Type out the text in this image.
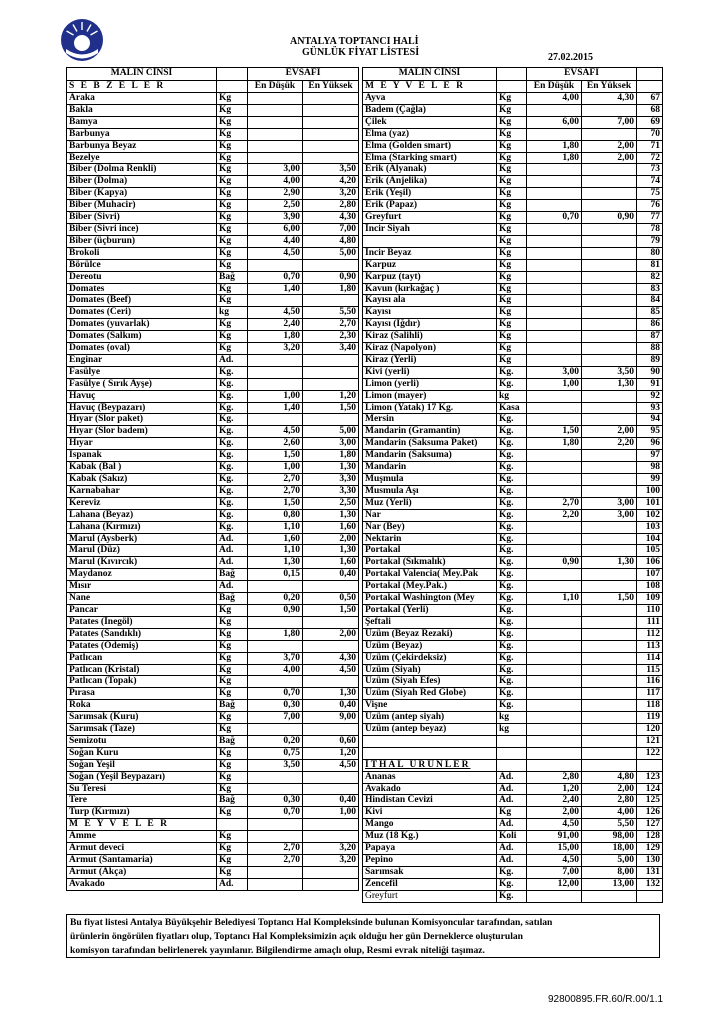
ANTALYA TOPTANCI HALİ
GÜNLÜK FİYAT LİSTESİ	27.02.2015
MALIN CİNSİ		EVSAFI	
S E B Z E L E R		En Düşük	En Yüksek
Araka	Kg		
Bakla	Kg		
Bamya	Kg		
Barbunya	Kg		
Barbunya Beyaz	Kg		
Bezelye	Kg		
Biber (Dolma Renkli)	Kg	3,00	3,50
Biber (Dolma)	Kg	4,00	4,20
Biber (Kapya)	Kg	2,90	3,20
Biber (Muhacir)	Kg	2,50	2,80
Biber (Sivri)	Kg	3,90	4,30
Biber (Sivri ince)	Kg	6,00	7,00
Biber (üçburun)	Kg	4,40	4,80
Brokoli	Kg	4,50	5,00
Börülce	Kg		
Dereotu	Bağ	0,70	0,90
Domates	Kg	1,40	1,80
Domates (Beef)	Kg		
Domates (Ceri)	kg	4,50	5,50
Domates (yuvarlak)	Kg	2,40	2,70
Domates (Salkım)	Kg	1,80	2,30
Domates (oval)	Kg	3,20	3,40
Enginar	Ad.		
Fasülye	Kg.		
Fasülye ( Sırık Ayşe)	Kg.		
Havuç	Kg.	1,00	1,20
Havuç (Beypazarı)	Kg.	1,40	1,50
Hıyar (Slor paket)	Kg.		
Hıyar (Slor badem)	Kg.	4,50	5,00
Hıyar	Kg.	2,60	3,00
Ispanak	Kg.	1,50	1,80
Kabak (Bal )	Kg.	1,00	1,30
Kabak (Sakız)	Kg.	2,70	3,30
Karnabahar	Kg.	2,70	3,30
Kereviz	Kg.	1,50	2,50
Lahana (Beyaz)	Kg.	0,80	1,30
Lahana (Kırmızı)	Kg.	1,10	1,60
Marul (Aysberk)	Ad.	1,60	2,00
Marul (Düz)	Ad.	1,10	1,30
Marul (Kıvırcık)	Ad.	1,30	1,60
Maydanoz	Bağ	0,15	0,40
Mısır	Ad.		
Nane	Bağ	0,20	0,50
Pancar	Kg	0,90	1,50
Patates (İnegöl)	Kg		
Patates (Sandıklı)	Kg	1,80	2,00
Patates (Ödemiş)	Kg		
Patlıcan	Kg	3,70	4,30
Patlıcan (Kristal)	Kg	4,00	4,50
Patlıcan (Topak)	Kg		
Pırasa	Kg	0,70	1,30
Roka	Bağ	0,30	0,40
Sarımsak (Kuru)	Kg	7,00	9,00
Sarımsak (Taze)	Kg		
Semizotu	Bağ	0,20	0,60
Soğan Kuru	Kg	0,75	1,20
Soğan Yeşil	Kg	3,50	4,50
Soğan (Yeşil Beypazarı)	Kg		
Su Teresi	Kg		
Tere	Bağ	0,30	0,40
Turp (Kırmızı)	Kg	0,70	1,00
M E Y V E L E R			
Amme	Kg		
Armut deveci	Kg	2,70	3,20
Armut (Santamaria)	Kg	2,70	3,20
Armut (Akça)	Kg		
Avakado	Ad.		
MALIN CİNSİ		EVSAFI		
M E Y V E L E R		En Düşük	En Yüksek	
Ayva	Kg	4,00	4,30	67
Badem (Çağla)	Kg			68
Çilek	Kg	6,00	7,00	69
Elma (yaz)	Kg			70
Elma (Golden smart)	Kg	1,80	2,00	71
Elma (Starking smart)	Kg	1,80	2,00	72
Erik (Alyanak)	Kg			73
Erik (Anjelika)	Kg			74
Erik (Yeşil)	Kg			75
Erik (Papaz)	Kg			76
Greyfurt	Kg	0,70	0,90	77
İncir Siyah	Kg			78
	Kg			79
İncir Beyaz	Kg			80
Karpuz	Kg			81
Karpuz (tayt)	Kg			82
Kavun (kırkağaç )	Kg			83
Kayısı ala	Kg			84
Kayısı	Kg			85
Kayısı (Iğdır)	Kg			86
Kiraz (Salihli)	Kg			87
Kiraz (Napolyon)	Kg			88
Kiraz (Yerli)	Kg			89
Kivi (yerli)	Kg.	3,00	3,50	90
Limon (yerli)	Kg.	1,00	1,30	91
Limon (mayer)	kg			92
Limon (Yatak) 17 Kg.	Kasa			93
Mersin	Kg.			94
Mandarin (Gramantin)	Kg.	1,50	2,00	95
Mandarin (Saksuma Paket)	Kg.	1,80	2,20	96
Mandarin (Saksuma)	Kg.			97
Mandarin	Kg.			98
Muşmula	Kg.			99
Musmula Aşı	Kg.			100
Muz (Yerli)	Kg.	2,70	3,00	101
Nar	Kg.	2,20	3,00	102
Nar (Bey)	Kg.			103
Nektarin	Kg.			104
Portakal	Kg.			105
Portakal (Sıkmalık)	Kg.	0,90	1,30	106
Portakal Valencia( Mey.Pak	Kg.			107
Portakal (Mey.Pak.)	Kg.			108
Portakal Washington (Mey	Kg.	1,10	1,50	109
Portakal (Yerli)	Kg.			110
Şeftali	Kg.			111
Üzüm (Beyaz Rezaki)	Kg.			112
Üzüm (Beyaz)	Kg.			113
Üzüm (Çekirdeksiz)	Kg.			114
Üzüm (Siyah)	Kg.			115
Üzüm (Siyah Efes)	Kg.			116
Üzüm (Siyah Red Globe)	Kg.			117
Vişne	Kg.			118
Üzüm (antep siyah)	kg			119
Üzüm (antep beyaz)	kg			120
				121
				122
İTHAL ÜRÜNLER				
Ananas	Ad.	2,80	4,80	123
Avakado	Ad.	1,20	2,00	124
Hindistan Cevizi	Ad.	2,40	2,80	125
Kivi	Kg	2,00	4,00	126
Mango	Ad.	4,50	5,50	127
Muz (18 Kg.)	Koli	91,00	98,00	128
Papaya	Ad.	15,00	18,00	129
Pepino	Ad.	4,50	5,00	130
Sarımsak	Kg.	7,00	8,00	131
Zencefil	Kg.	12,00	13,00	132
Greyfurt	Kg.			
Bu fiyat listesi Antalya Büyükşehir Belediyesi Toptancı Hal Kompleksinde bulunan Komisyoncular tarafından, satılan
ürünlerin öngörülen fiyatları olup, Toptancı Hal Kompleksimizin açık olduğu her gün Derneklerce oluşturulan
komisyon tarafından belirlenerek yayınlanır. Bilgilendirme amaçlı olup, Resmi evrak niteliği taşımaz.
92800895.FR.60/R.00/1.1
